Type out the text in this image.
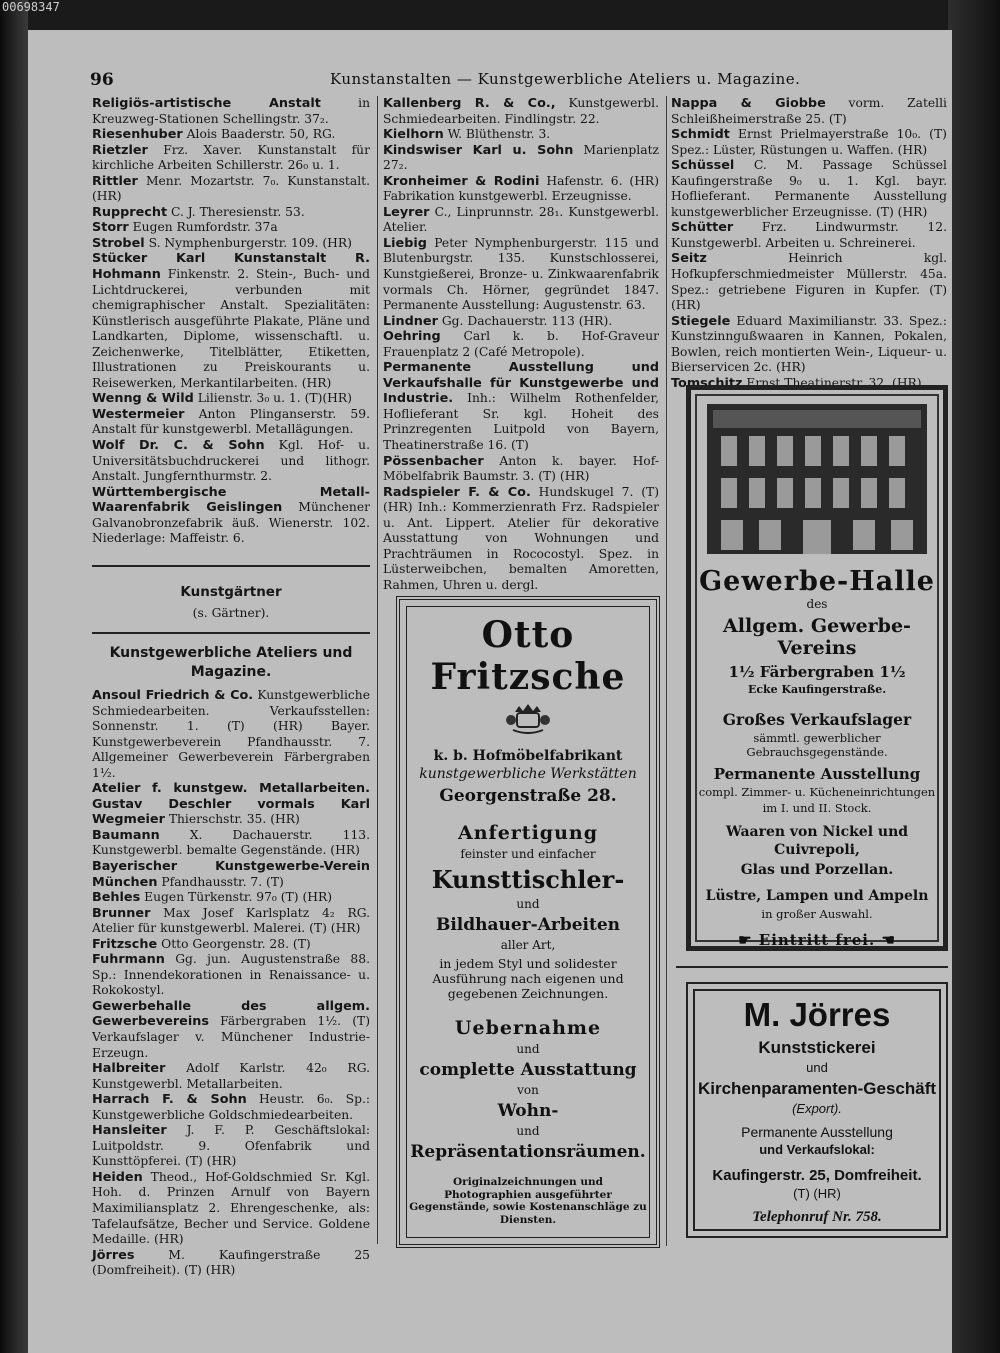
00698347
96	Kunstanstalten — Kunstgewerbliche Ateliers u. Magazine.

Religiös-artistische Anstalt	in Kreuzweg-Stationen Schellingstr. 37₂.

Riesenhuber Alois Baaderstr. 50, RG.

Rietzler Frz. Xaver. Kunstanstalt für kirchliche Arbeiten Schillerstr. 26₀ u. 1.

Rittler Menr. Mozartstr. 7₀. Kunstanstalt. (HR)

Rupprecht C. J. Theresienstr. 53.

Storr Eugen Rumfordstr. 37a

Strobel S. Nymphenburgerstr. 109. (HR)

Stücker Karl Kunstanstalt R. Hohmann Finkenstr. 2. Stein-, Buch- und Lichtdruckerei, verbunden mit chemigraphischer Anstalt. Spezialitäten: Künstlerisch ausgeführte Plakate, Pläne und Landkarten, Diplome, wissenschaftl. u. Zeichenwerke, Titelblätter, Etiketten, Illustrationen zu Preiskourants u. Reisewerken, Merkantilarbeiten. (HR)

Wenng & Wild Lilienstr. 3₀ u. 1. (T)(HR)

Westermeier Anton Plinganserstr. 59. Anstalt für kunstgewerbl. Metallägungen.

Wolf Dr. C. & Sohn Kgl. Hof- u. Universitätsbuchdruckerei und lithogr. Anstalt. Jungfernthurmstr. 2.

Württembergische Metall-Waarenfabrik Geislingen Münchener Galvanobronzefabrik äuß. Wienerstr. 102. Niederlage: Maffeistr. 6.

Kunstgärtner
(s. Gärtner).
Kunstgewerbliche Ateliers und Magazine.

Ansoul Friedrich & Co. Kunstgewerbliche Schmiedearbeiten. Verkaufsstellen: Sonnenstr. 1. (T) (HR) Bayer. Kunstgewerbeverein Pfandhausstr. 7. Allgemeiner Gewerbeverein Färbergraben 1½.

Atelier f. kunstgew. Metallarbeiten. Gustav Deschler vormals Karl Wegmeier Thierschstr. 35. (HR)

Baumann X. Dachauerstr. 113. Kunstgewerbl. bemalte Gegenstände. (HR)

Bayerischer Kunstgewerbe-Verein München Pfandhausstr. 7. (T)

Behles Eugen Türkenstr. 97₀ (T) (HR)

Brunner Max Josef Karlsplatz 4₂ RG. Atelier für kunstgewerbl. Malerei. (T) (HR)

Fritzsche Otto Georgenstr. 28. (T)

Fuhrmann Gg. jun. Augustenstraße 88. Sp.: Innendekorationen in Renaissance- u. Rokokostyl.

Gewerbehalle des allgem. Gewerbevereins Färbergraben 1½. (T) Verkaufslager v. Münchener Industrie-Erzeugn.

Halbreiter Adolf Karlstr. 42₀ RG. Kunstgewerbl. Metallarbeiten.

Harrach F. & Sohn Heustr. 6₀. Sp.: Kunstgewerbliche Goldschmiedearbeiten.

Hansleiter J. F. P. Geschäftslokal: Luitpoldstr. 9. Ofenfabrik und Kunsttöpferei. (T) (HR)

Heiden Theod., Hof-Goldschmied Sr. Kgl. Hoh. d. Prinzen Arnulf von Bayern Maximiliansplatz 2. Ehrengeschenke, als: Tafelaufsätze, Becher und Service. Goldene Medaille. (HR)

Jörres	M. Kaufingerstraße 25 (Domfreiheit). (T) (HR)

Kallenberg R. & Co., Kunstgewerbl. Schmiedearbeiten. Findlingstr. 22.

Kielhorn W. Blüthenstr. 3.

Kindswiser Karl u. Sohn Marienplatz 27₂.

Kronheimer & Rodini Hafenstr. 6. (HR) Fabrikation kunstgewerbl. Erzeugnisse.

Leyrer C., Linprunnstr. 28₁. Kunstgewerbl. Atelier.

Liebig Peter Nymphenburgerstr. 115 und Blutenburgstr. 135. Kunstschlosserei, Kunstgießerei, Bronze- u. Zinkwaarenfabrik vormals Ch. Hörner, gegründet 1847. Permanente Ausstellung: Augustenstr. 63.

Lindner Gg. Dachauerstr. 113 (HR).

Oehring Carl k. b. Hof-Graveur Frauenplatz 2 (Café Metropole).

Permanente Ausstellung und Verkaufshalle für Kunstgewerbe und Industrie. Inh.: Wilhelm Rothenfelder, Hoflieferant Sr. kgl. Hoheit des Prinzregenten Luitpold von Bayern, Theatinerstraße 16. (T)

Pössenbacher Anton k. bayer. Hof-Möbelfabrik Baumstr. 3. (T) (HR)

Radspieler F. & Co. Hundskugel 7. (T) (HR) Inh.: Kommerzienrath Frz. Radspieler u. Ant. Lippert. Atelier für dekorative Ausstattung von Wohnungen und Prachträumen in Rococostyl. Spez. in Lüsterweibchen, bemalten Amoretten, Rahmen, Uhren u. dergl.

Nappa & Giobbe vorm. Zatelli Schleißheimerstraße 25. (T)

Schmidt Ernst Prielmayerstraße 10₀. (T) Spez.: Lüster, Rüstungen u. Waffen. (HR)

Schüssel C. M. Passage Schüssel Kaufingerstraße 9₀ u. 1. Kgl. bayr. Hoflieferant. Permanente Ausstellung kunstgewerblicher Erzeugnisse. (T) (HR)

Schütter Frz. Lindwurmstr. 12. Kunstgewerbl. Arbeiten u. Schreinerei.

Seitz	Heinrich kgl. Hofkupferschmiedmeister Müllerstr. 45a. Spez.: getriebene Figuren in Kupfer. (T) (HR)

Stiegele Eduard Maximilianstr. 33. Spez.: Kunstzinngußwaaren in Kannen, Pokalen, Bowlen, reich montierten Wein-, Liqueur- u. Bierservicen 2c. (HR)

Tomschitz Ernst Theatinerstr. 32. (HR)

Otto Fritzsche
k. b. Hofmöbelfabrikant
kunstgewerbliche Werkstätten
Georgenstraße 28.
Anfertigung
feinster und einfacher
Kunsttischler-
und
Bildhauer-Arbeiten
aller Art,
in jedem Styl und solidester Ausführung nach eigenen und gegebenen Zeichnungen.
Uebernahme
und
complette Ausstattung
von
Wohn-
und
Repräsentationsräumen.
Originalzeichnungen und Photographien ausgeführter Gegenstände, sowie Kostenanschläge zu Diensten.
Gewerbe-Halle
des
Allgem. Gewerbe-Vereins
1½ Färbergraben 1½
Ecke Kaufingerstraße.
Großes Verkaufslager
sämmtl. gewerblicher Gebrauchsgegenstände.
Permanente Ausstellung
compl. Zimmer- u. Kücheneinrichtungen
im I. und II. Stock.
Waaren von Nickel und Cuivrepoli,
Glas und Porzellan.
Lüstre, Lampen und Ampeln
in großer Auswahl.
☛ Eintritt frei. ☚
M. Jörres
Kunststickerei
und
Kirchenparamenten-Geschäft
(Export).
Permanente Ausstellung
und Verkaufslokal:
Kaufingerstr. 25, Domfreiheit.
(T) (HR)
Telephonruf Nr. 758.
